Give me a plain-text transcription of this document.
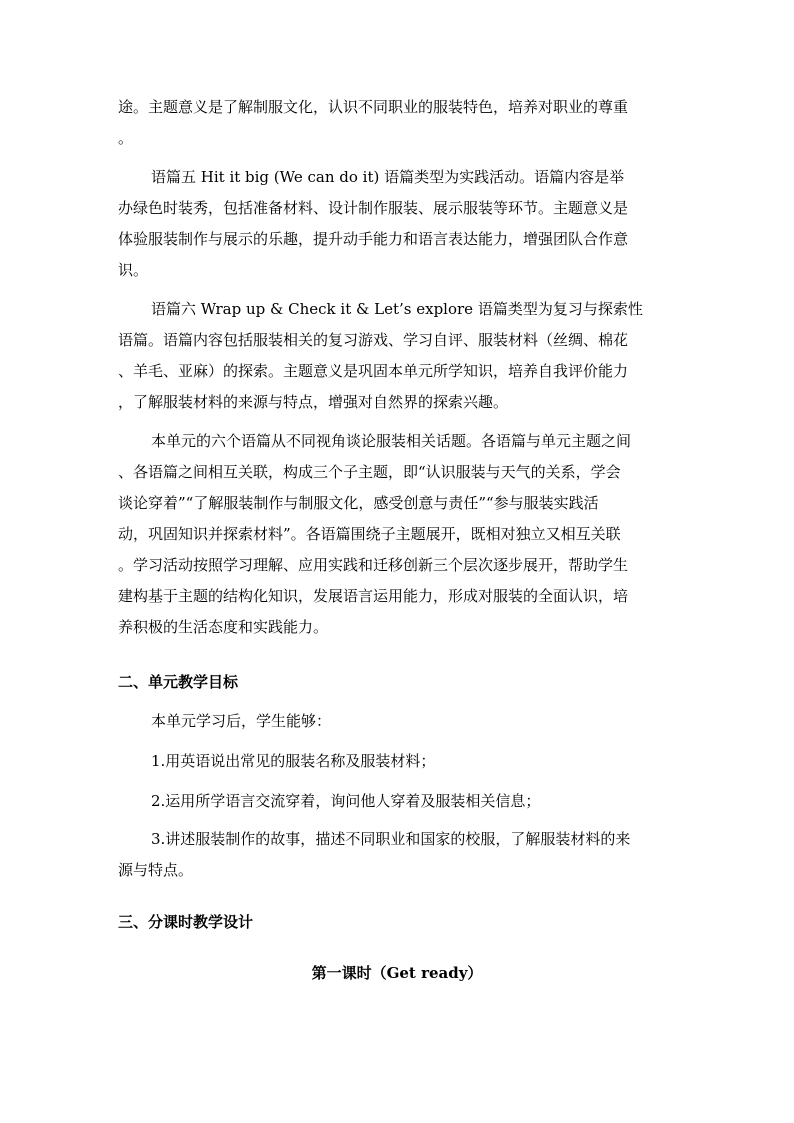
途。主题意义是了解制服文化，认识不同职业的服装特色，培养对职业的尊重
。

语篇五 Hit it big (We can do it) 语篇类型为实践活动。语篇内容是举
办绿色时装秀，包括准备材料、设计制作服装、展示服装等环节。主题意义是
体验服装制作与展示的乐趣，提升动手能力和语言表达能力，增强团队合作意
识。

语篇六 Wrap up & Check it & Let’s explore 语篇类型为复习与探索性
语篇。语篇内容包括服装相关的复习游戏、学习自评、服装材料（丝绸、棉花
、羊毛、亚麻）的探索。主题意义是巩固本单元所学知识，培养自我评价能力
，了解服装材料的来源与特点，增强对自然界的探索兴趣。

本单元的六个语篇从不同视角谈论服装相关话题。各语篇与单元主题之间
、各语篇之间相互关联，构成三个子主题，即“认识服装与天气的关系，学会
谈论穿着”“了解服装制作与制服文化，感受创意与责任”“参与服装实践活
动，巩固知识并探索材料”。各语篇围绕子主题展开，既相对独立又相互关联
。学习活动按照学习理解、应用实践和迁移创新三个层次逐步展开，帮助学生
建构基于主题的结构化知识，发展语言运用能力，形成对服装的全面认识，培
养积极的生活态度和实践能力。

二、单元教学目标

本单元学习后，学生能够：

1.用英语说出常见的服装名称及服装材料；

2.运用所学语言交流穿着，询问他人穿着及服装相关信息；

3.讲述服装制作的故事，描述不同职业和国家的校服，了解服装材料的来
源与特点。

三、分课时教学设计
第一课时（Get ready）
